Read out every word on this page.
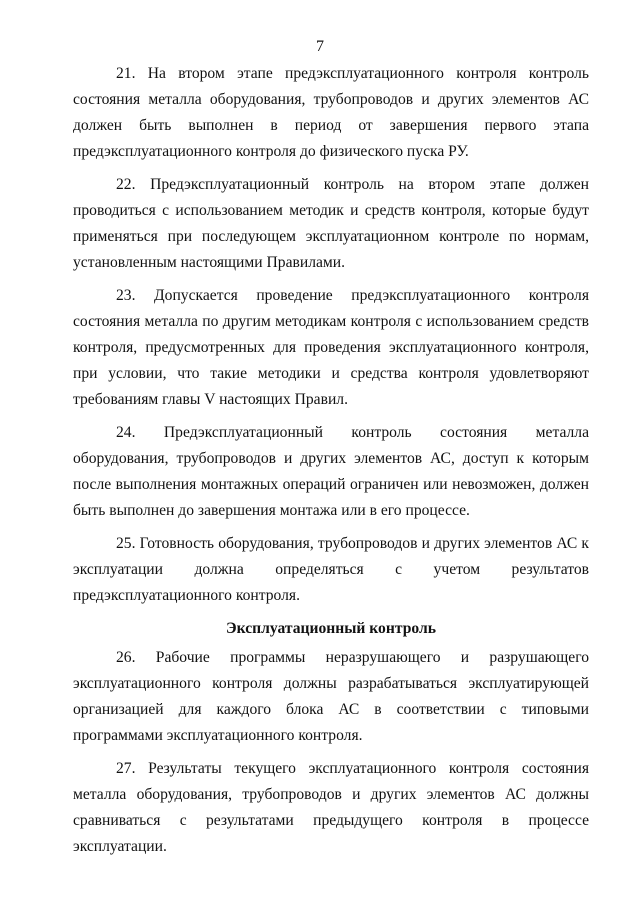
7

21. На втором этапе предэксплуатационного контроля контроль состояния металла оборудования, трубопроводов и других элементов АС должен быть выполнен в период от завершения первого этапа предэксплуатационного контроля до физического пуска РУ.

22. Предэксплуатационный контроль на втором этапе должен проводиться с использованием методик и средств контроля, которые будут применяться при последующем эксплуатационном контроле по нормам, установленным настоящими Правилами.

23. Допускается проведение предэксплуатационного контроля состояния металла по другим методикам контроля с использованием средств контроля, предусмотренных для проведения эксплуатационного контроля, при условии, что такие методики и средства контроля удовлетворяют требованиям главы V настоящих Правил.

24. Предэксплуатационный контроль состояния металла оборудования, трубопроводов и других элементов АС, доступ к которым после выполнения монтажных операций ограничен или невозможен, должен быть выполнен до завершения монтажа или в его процессе.

25. Готовность оборудования, трубопроводов и других элементов АС к эксплуатации должна определяться с учетом результатов предэксплуатационного контроля.

Эксплуатационный контроль

26. Рабочие программы неразрушающего и разрушающего эксплуатационного контроля должны разрабатываться эксплуатирующей организацией для каждого блока АС в соответствии с типовыми программами эксплуатационного контроля.

27. Результаты текущего эксплуатационного контроля состояния металла оборудования, трубопроводов и других элементов АС должны сравниваться с результатами предыдущего контроля в процессе эксплуатации.
